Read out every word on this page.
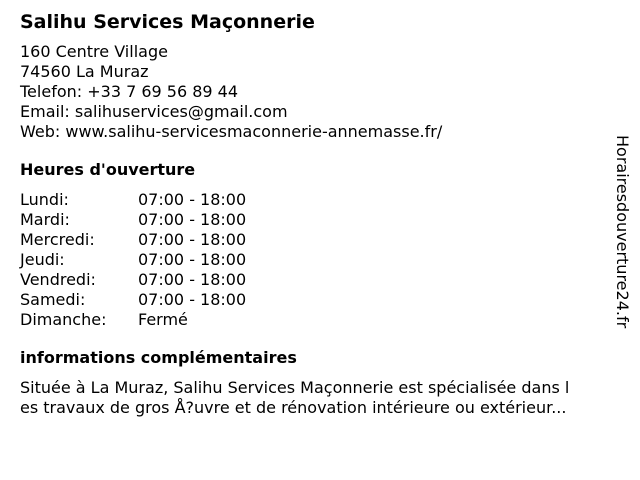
Salihu Services Maçonnerie
160 Centre Village
74560 La Muraz
Telefon: +33 7 69 56 89 44
Email: salihuservices@gmail.com
Web: www.salihu-servicesmaconnerie-annemasse.fr/
Heures d'ouverture
Lundi:	07:00 - 18:00
Mardi:	07:00 - 18:00
Mercredi:	07:00 - 18:00
Jeudi:	07:00 - 18:00
Vendredi:	07:00 - 18:00
Samedi:	07:00 - 18:00
Dimanche: Fermé
informations complémentaires
Située à La Muraz, Salihu Services Maçonnerie est spécialisée dans l
es travaux de gros Å?uvre et de rénovation intérieure ou extérieur...
Horairesdouverture24.fr
